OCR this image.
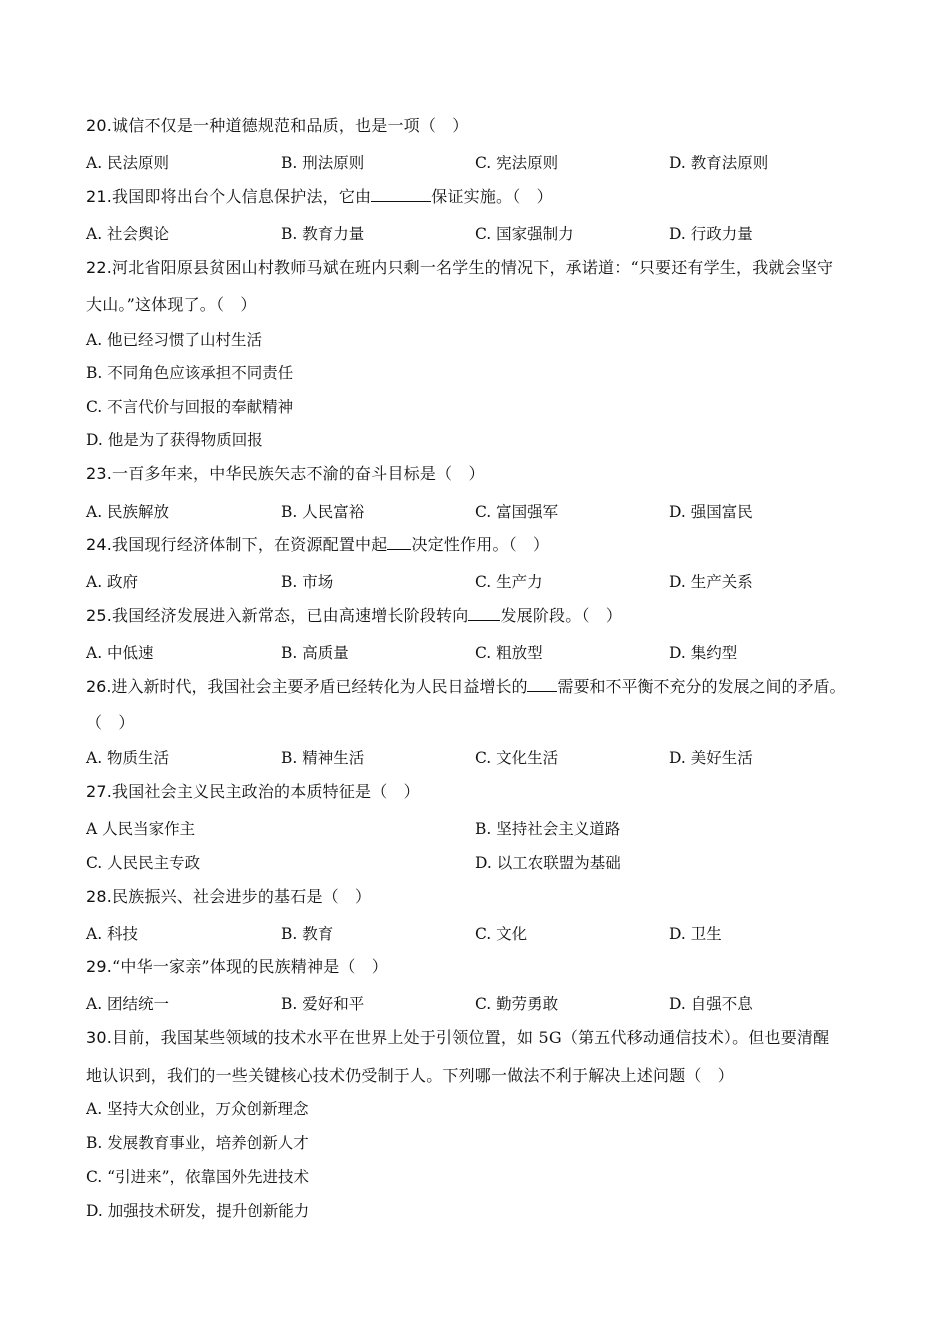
20.诚信不仅是一种道德规范和品质，也是一项（　）
A. 民法原则	B. 刑法原则	C. 宪法原则	D. 教育法原则
21.我国即将出台个人信息保护法，它由	保证实施。（　）
A. 社会舆论	B. 教育力量	C. 国家强制力	D. 行政力量
22.河北省阳原县贫困山村教师马斌在班内只剩一名学生的情况下，承诺道：“只要还有学生，我就会坚守
大山。”这体现了。（　）
A. 他已经习惯了山村生活
B. 不同角色应该承担不同责任
C. 不言代价与回报的奉献精神
D. 他是为了获得物质回报
23.一百多年来，中华民族矢志不渝的奋斗目标是（　）
A. 民族解放	B. 人民富裕	C. 富国强军	D. 强国富民
24.我国现行经济体制下，在资源配置中起 决定性作用。（　）
A. 政府	B. 市场	C. 生产力	D. 生产关系
25.我国经济发展进入新常态，已由高速增长阶段转向 发展阶段。（　）
A. 中低速	B. 高质量	C. 粗放型	D. 集约型
26.进入新时代，我国社会主要矛盾已经转化为人民日益增长的 需要和不平衡不充分的发展之间的矛盾。
（　）
A. 物质生活	B. 精神生活	C. 文化生活	D. 美好生活
27.我国社会主义民主政治的本质特征是（　）
A 人民当家作主	B. 坚持社会主义道路
C. 人民民主专政	D. 以工农联盟为基础
28.民族振兴、社会进步的基石是（　）
A. 科技	B. 教育	C. 文化	D. 卫生
29.“中华一家亲”体现的民族精神是（　）
A. 团结统一	B. 爱好和平	C. 勤劳勇敢	D. 自强不息
30.目前，我国某些领域的技术水平在世界上处于引领位置，如 5G（第五代移动通信技术）。但也要清醒
地认识到，我们的一些关键核心技术仍受制于人。下列哪一做法不利于解决上述问题（　）
A. 坚持大众创业，万众创新理念
B. 发展教育事业，培养创新人才
C. “引进来”，依靠国外先进技术
D. 加强技术研发，提升创新能力
